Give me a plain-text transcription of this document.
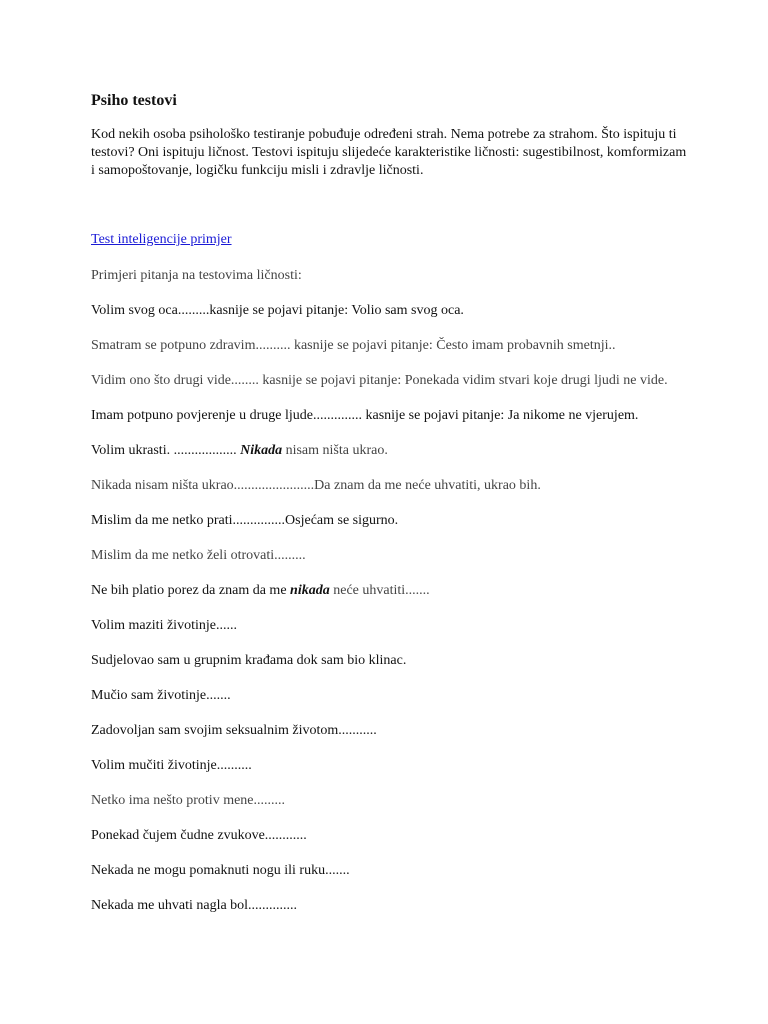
Psiho testovi
Kod nekih osoba psihološko testiranje pobuđuje određeni strah. Nema potrebe za strahom. Što ispituju ti testovi? Oni ispituju ličnost. Testovi ispituju slijedeće karakteristike ličnosti: sugestibilnost, komformizam i samopoštovanje, logičku funkciju misli i zdravlje ličnosti.
Test inteligencije primjer
Primjeri pitanja na testovima ličnosti:
Volim svog oca.........kasnije se pojavi pitanje: Volio sam svog oca.
Smatram se potpuno zdravim.......... kasnije se pojavi pitanje: Često imam probavnih smetnji..
Vidim ono što drugi vide........ kasnije se pojavi pitanje: Ponekada vidim stvari koje drugi ljudi ne vide.
Imam potpuno povjerenje u druge ljude.............. kasnije se pojavi pitanje: Ja nikome ne vjerujem.
Volim ukrasti. .................. Nikada nisam ništa ukrao.
Nikada nisam ništa ukrao.......................Da znam da me neće uhvatiti, ukrao bih.
Mislim da me netko prati...............Osjećam se sigurno.
Mislim da me netko želi otrovati.........
Ne bih platio porez da znam da me nikada neće uhvatiti.......
Volim maziti životinje......
Sudjelovao sam u grupnim krađama dok sam bio klinac.
Mučio sam životinje.......
Zadovoljan sam svojim seksualnim životom...........
Volim mučiti životinje..........
Netko ima nešto protiv mene.........
Ponekad čujem čudne zvukove............
Nekada ne mogu pomaknuti nogu ili ruku.......
Nekada me uhvati nagla bol..............
